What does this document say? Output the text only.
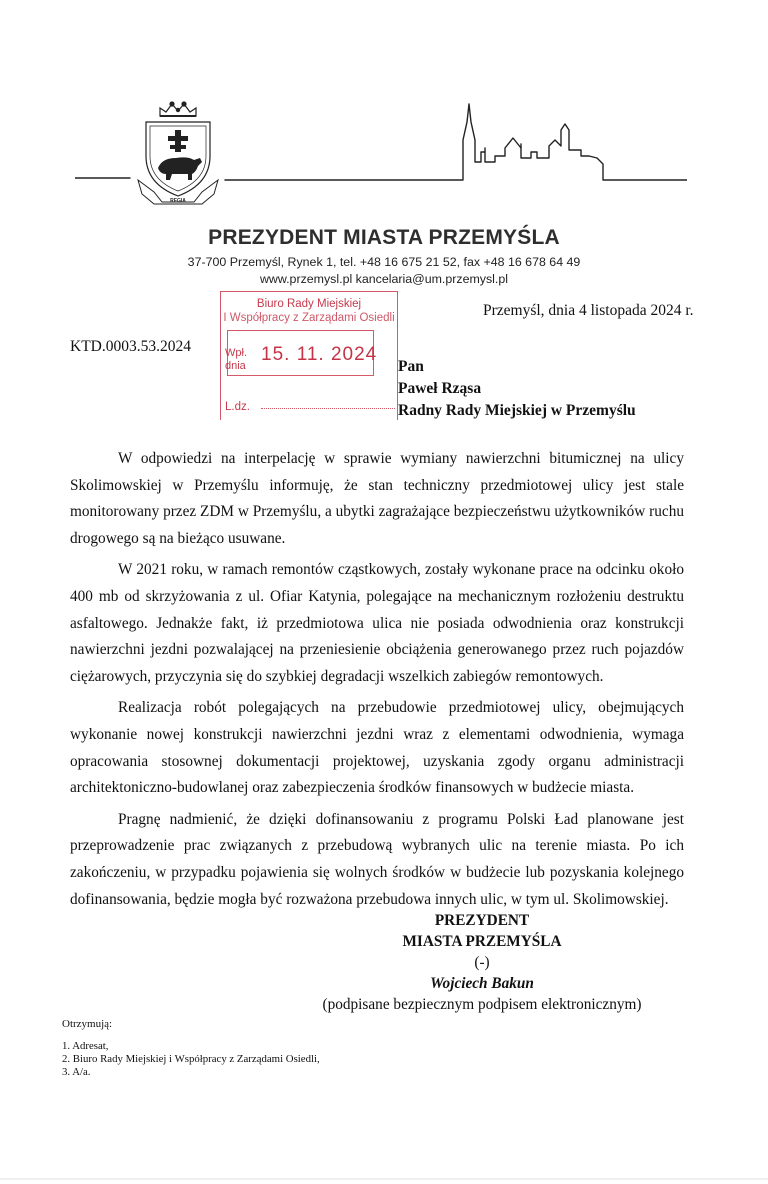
REGIA
PREZYDENT MIASTA PRZEMYŚLA
37-700 Przemyśl, Rynek 1, tel. +48 16 675 21 52, fax +48 16 678 64 49
www.przemysl.pl kancelaria@um.przemysl.pl
Przemyśl, dnia 4 listopada 2024 r.
KTD.0003.53.2024
Biuro Rady Miejskiej
I Współpracy z Zarządami Osiedli
Wpł.
dnia
15. 11. 2024
L.dz.
Pan
Paweł Rząsa
Radny Rady Miejskiej w Przemyślu

W odpowiedzi na interpelację w sprawie wymiany nawierzchni bitumicznej na ulicy Skolimowskiej w Przemyślu informuję, że stan techniczny przedmiotowej ulicy jest stale monitorowany przez ZDM w Przemyślu, a ubytki zagrażające bezpieczeństwu użytkowników ruchu drogowego są na bieżąco usuwane.

W 2021 roku, w ramach remontów cząstkowych, zostały wykonane prace na odcinku około 400 mb od skrzyżowania z ul. Ofiar Katynia, polegające na mechanicznym rozłożeniu destruktu asfaltowego. Jednakże fakt, iż przedmiotowa ulica nie posiada odwodnienia oraz konstrukcji nawierzchni jezdni pozwalającej na przeniesienie obciążenia generowanego przez ruch pojazdów ciężarowych, przyczynia się do szybkiej degradacji wszelkich zabiegów remontowych.

Realizacja robót polegających na przebudowie przedmiotowej ulicy, obejmujących wykonanie nowej konstrukcji nawierzchni jezdni wraz z elementami odwodnienia, wymaga opracowania stosownej dokumentacji projektowej, uzyskania zgody organu administracji architektoniczno-budowlanej oraz zabezpieczenia środków finansowych w budżecie miasta.

Pragnę nadmienić, że dzięki dofinansowaniu z programu Polski Ład planowane jest przeprowadzenie prac związanych z przebudową wybranych ulic na terenie miasta. Po ich zakończeniu, w przypadku pojawienia się wolnych środków w budżecie lub pozyskania kolejnego dofinansowania, będzie mogła być rozważona przebudowa innych ulic, w tym ul. Skolimowskiej.

PREZYDENT
MIASTA PRZEMYŚLA
(-)
Wojciech Bakun
(podpisane bezpiecznym podpisem elektronicznym)
Otrzymują:
1. Adresat,
2. Biuro Rady Miejskiej i Współpracy z Zarządami Osiedli,
3. A/a.
